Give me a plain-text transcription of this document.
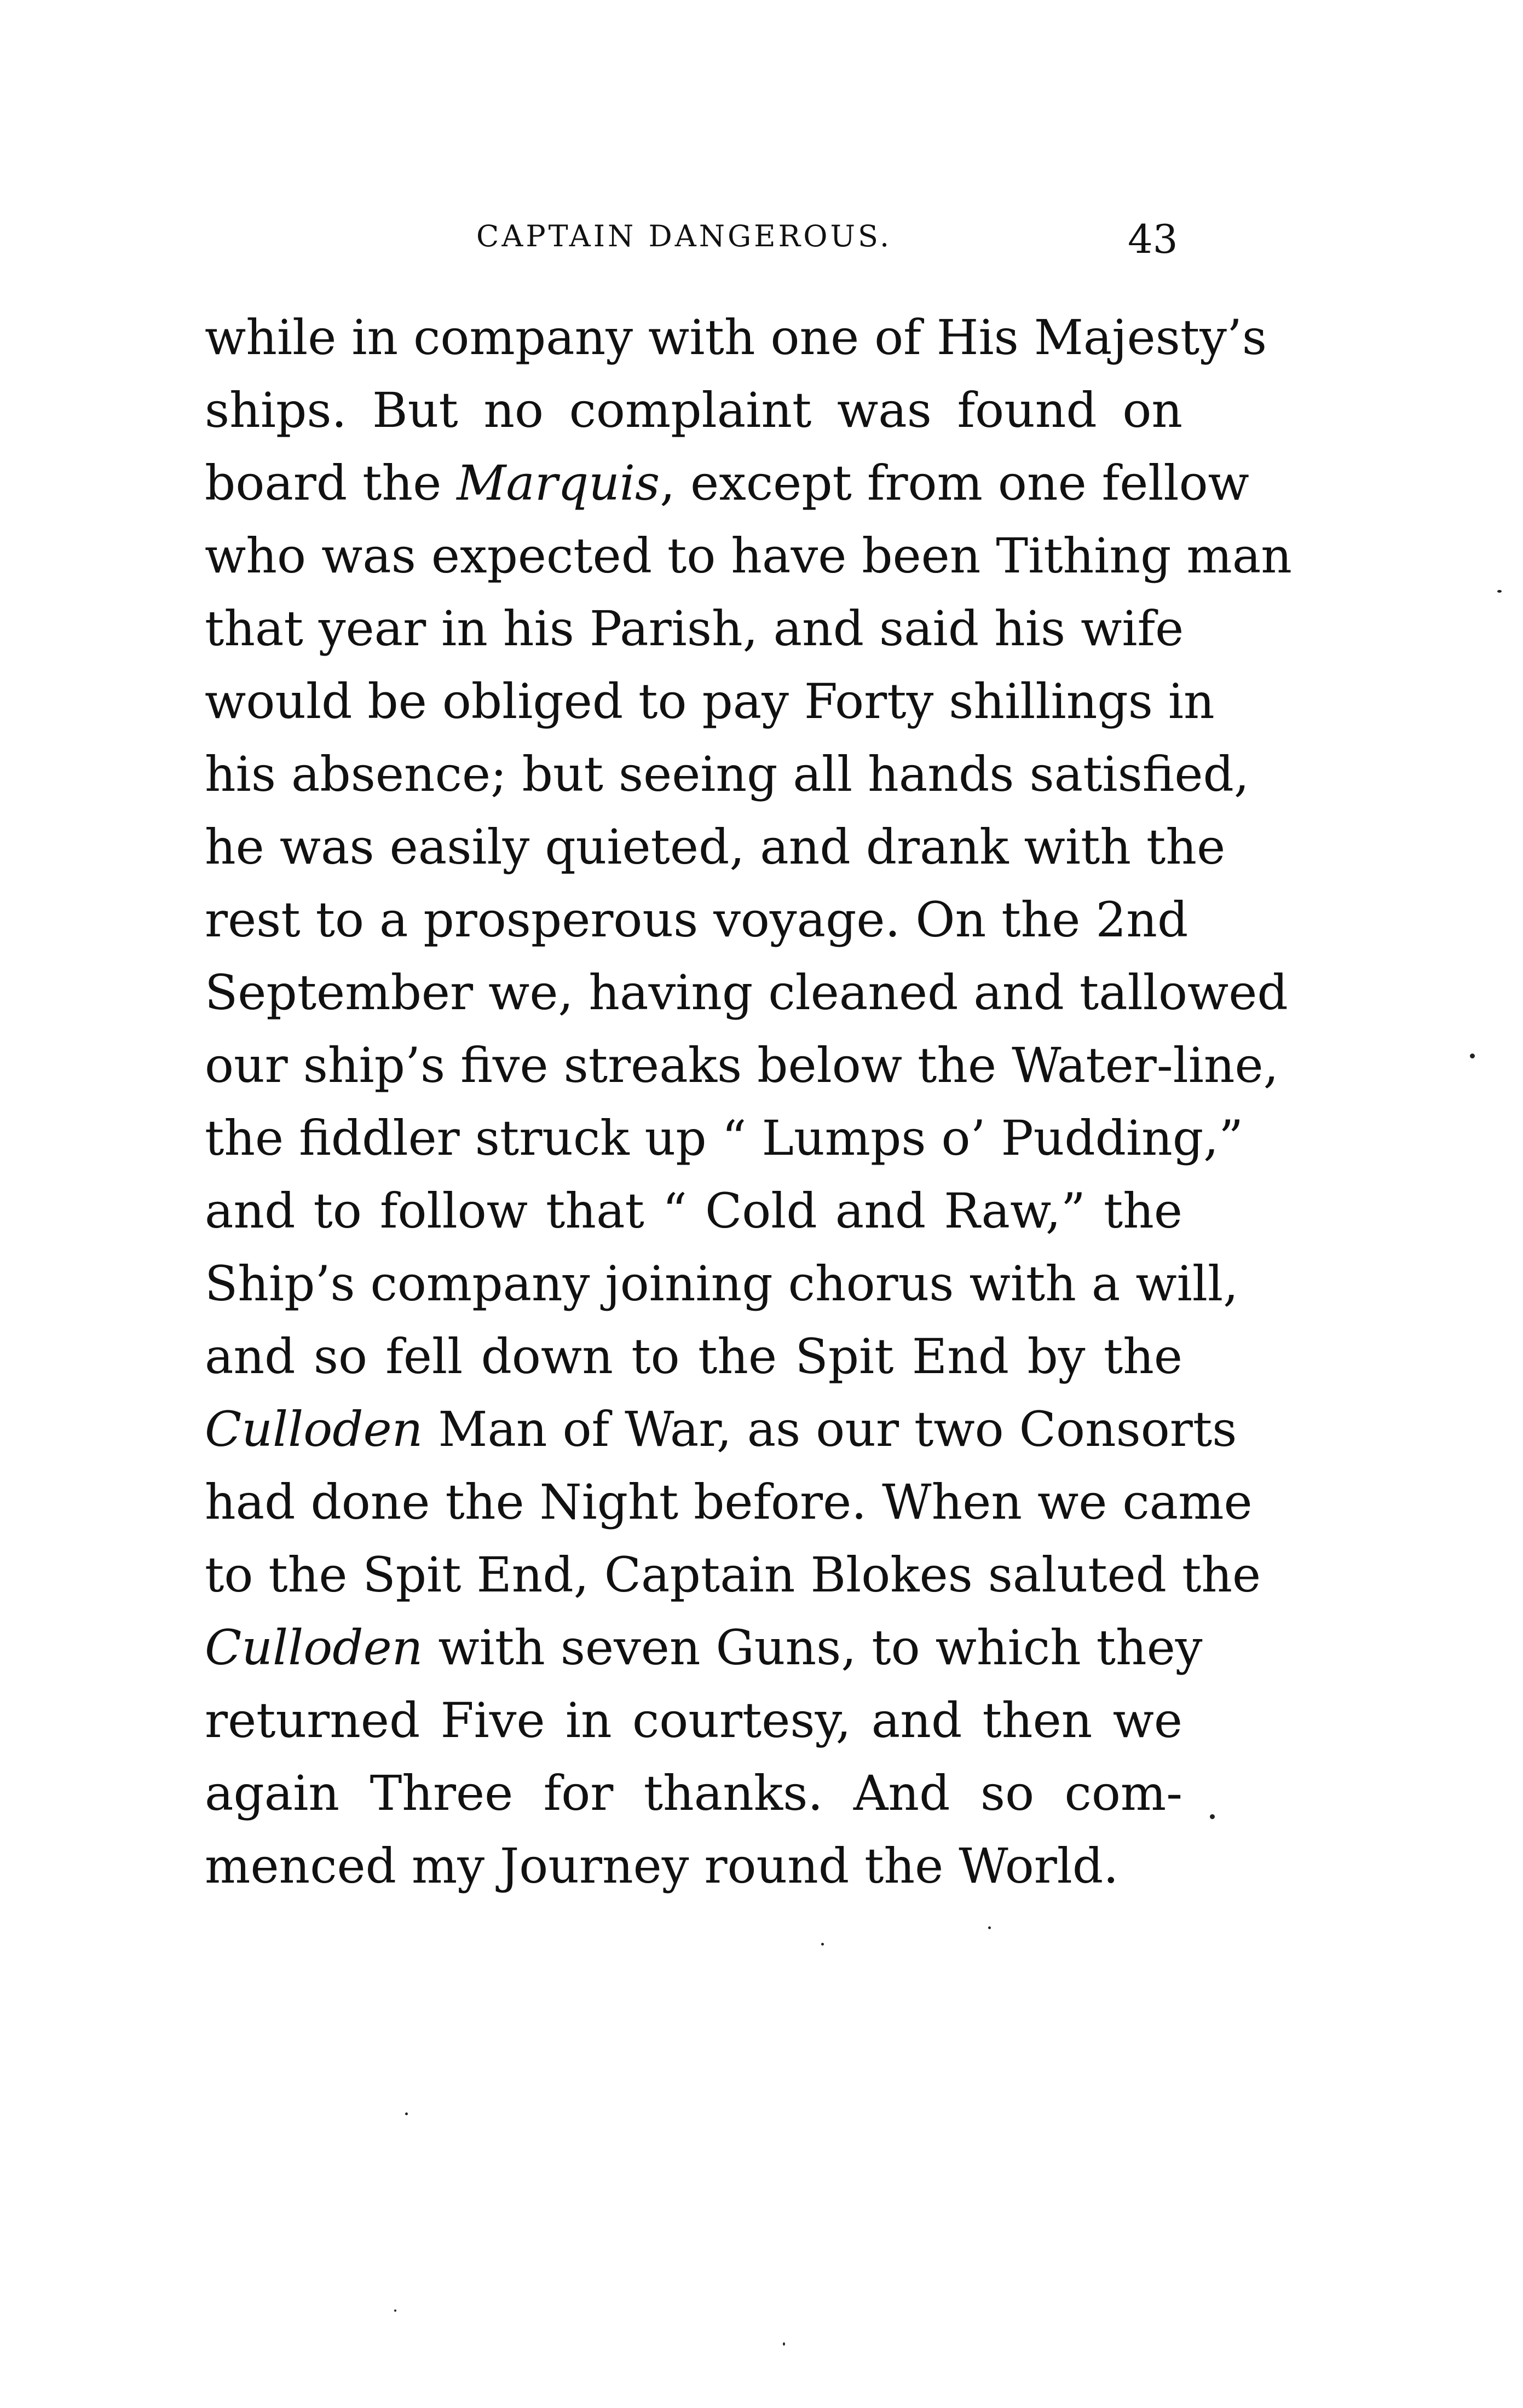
CAPTAIN DANGEROUS.	43
while in company with one of His Majesty’s
ships. But no complaint was found on
board the Marquis, except from one fellow
who was expected to have been Tithing man
that year in his Parish, and said his wife
would be obliged to pay Forty shillings in
his absence; but seeing all hands satisfied,
he was easily quieted, and drank with the
rest to a prosperous voyage. On the 2nd
September we, having cleaned and tallowed
our ship’s five streaks below the Water-line,
the fiddler struck up “ Lumps o’ Pudding,”
and to follow that “ Cold and Raw,” the
Ship’s company joining chorus with a will,
and so fell down to the Spit End by the
Culloden Man of War, as our two Consorts
had done the Night before. When we came
to the Spit End, Captain Blokes saluted the
Culloden with seven Guns, to which they
returned Five in courtesy, and then we
again Three for thanks. And so com-
menced my Journey round the World.
